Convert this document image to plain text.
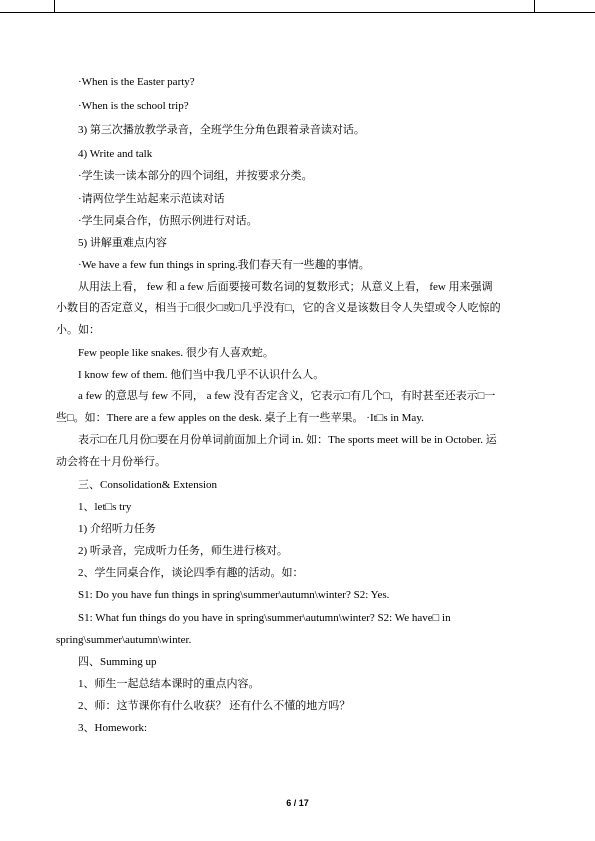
·When is the Easter party?
·When is the school trip?
3) 第三次播放教学录音，全班学生分角色跟着录音读对话。
4) Write and talk
·学生读一读本部分的四个词组，并按要求分类。
·请两位学生站起来示范读对话
·学生同桌合作，仿照示例进行对话。
5) 讲解重难点内容
·We have a few fun things in spring.我们春天有一些趣的事情。
从用法上看， few 和 a few 后面要接可数名词的复数形式；从意义上看， few 用来强调
小数目的否定意义，相当于□很少□或□几乎没有□，它的含义是该数目令人失望或令人吃惊的
小。如：
Few people like snakes. 很少有人喜欢蛇。
I know few of them. 他们当中我几乎不认识什么人。
a few 的意思与 few 不同， a few 没有否定含义，它表示□有几个□，有时甚至还表示□一
些□。如：There are a few apples on the desk. 桌子上有一些苹果。 ·It□s in May.
表示□在几月份□要在月份单词前面加上介词 in. 如：The sports meet will be in October. 运
动会将在十月份举行。
三、Consolidation& Extension
1、let□s try
1) 介绍听力任务
2) 听录音，完成听力任务，师生进行核对。
2、学生同桌合作，谈论四季有趣的活动。如：
S1: Do you have fun things in spring\summer\autumn\winter? S2: Yes.
S1: What fun things do you have in spring\summer\autumn\winter? S2: We have□ in
spring\summer\autumn\winter.
四、Summing up
1、师生一起总结本课时的重点内容。
2、师：这节课你有什么收获？ 还有什么不懂的地方吗？
3、Homework:
6 / 17
